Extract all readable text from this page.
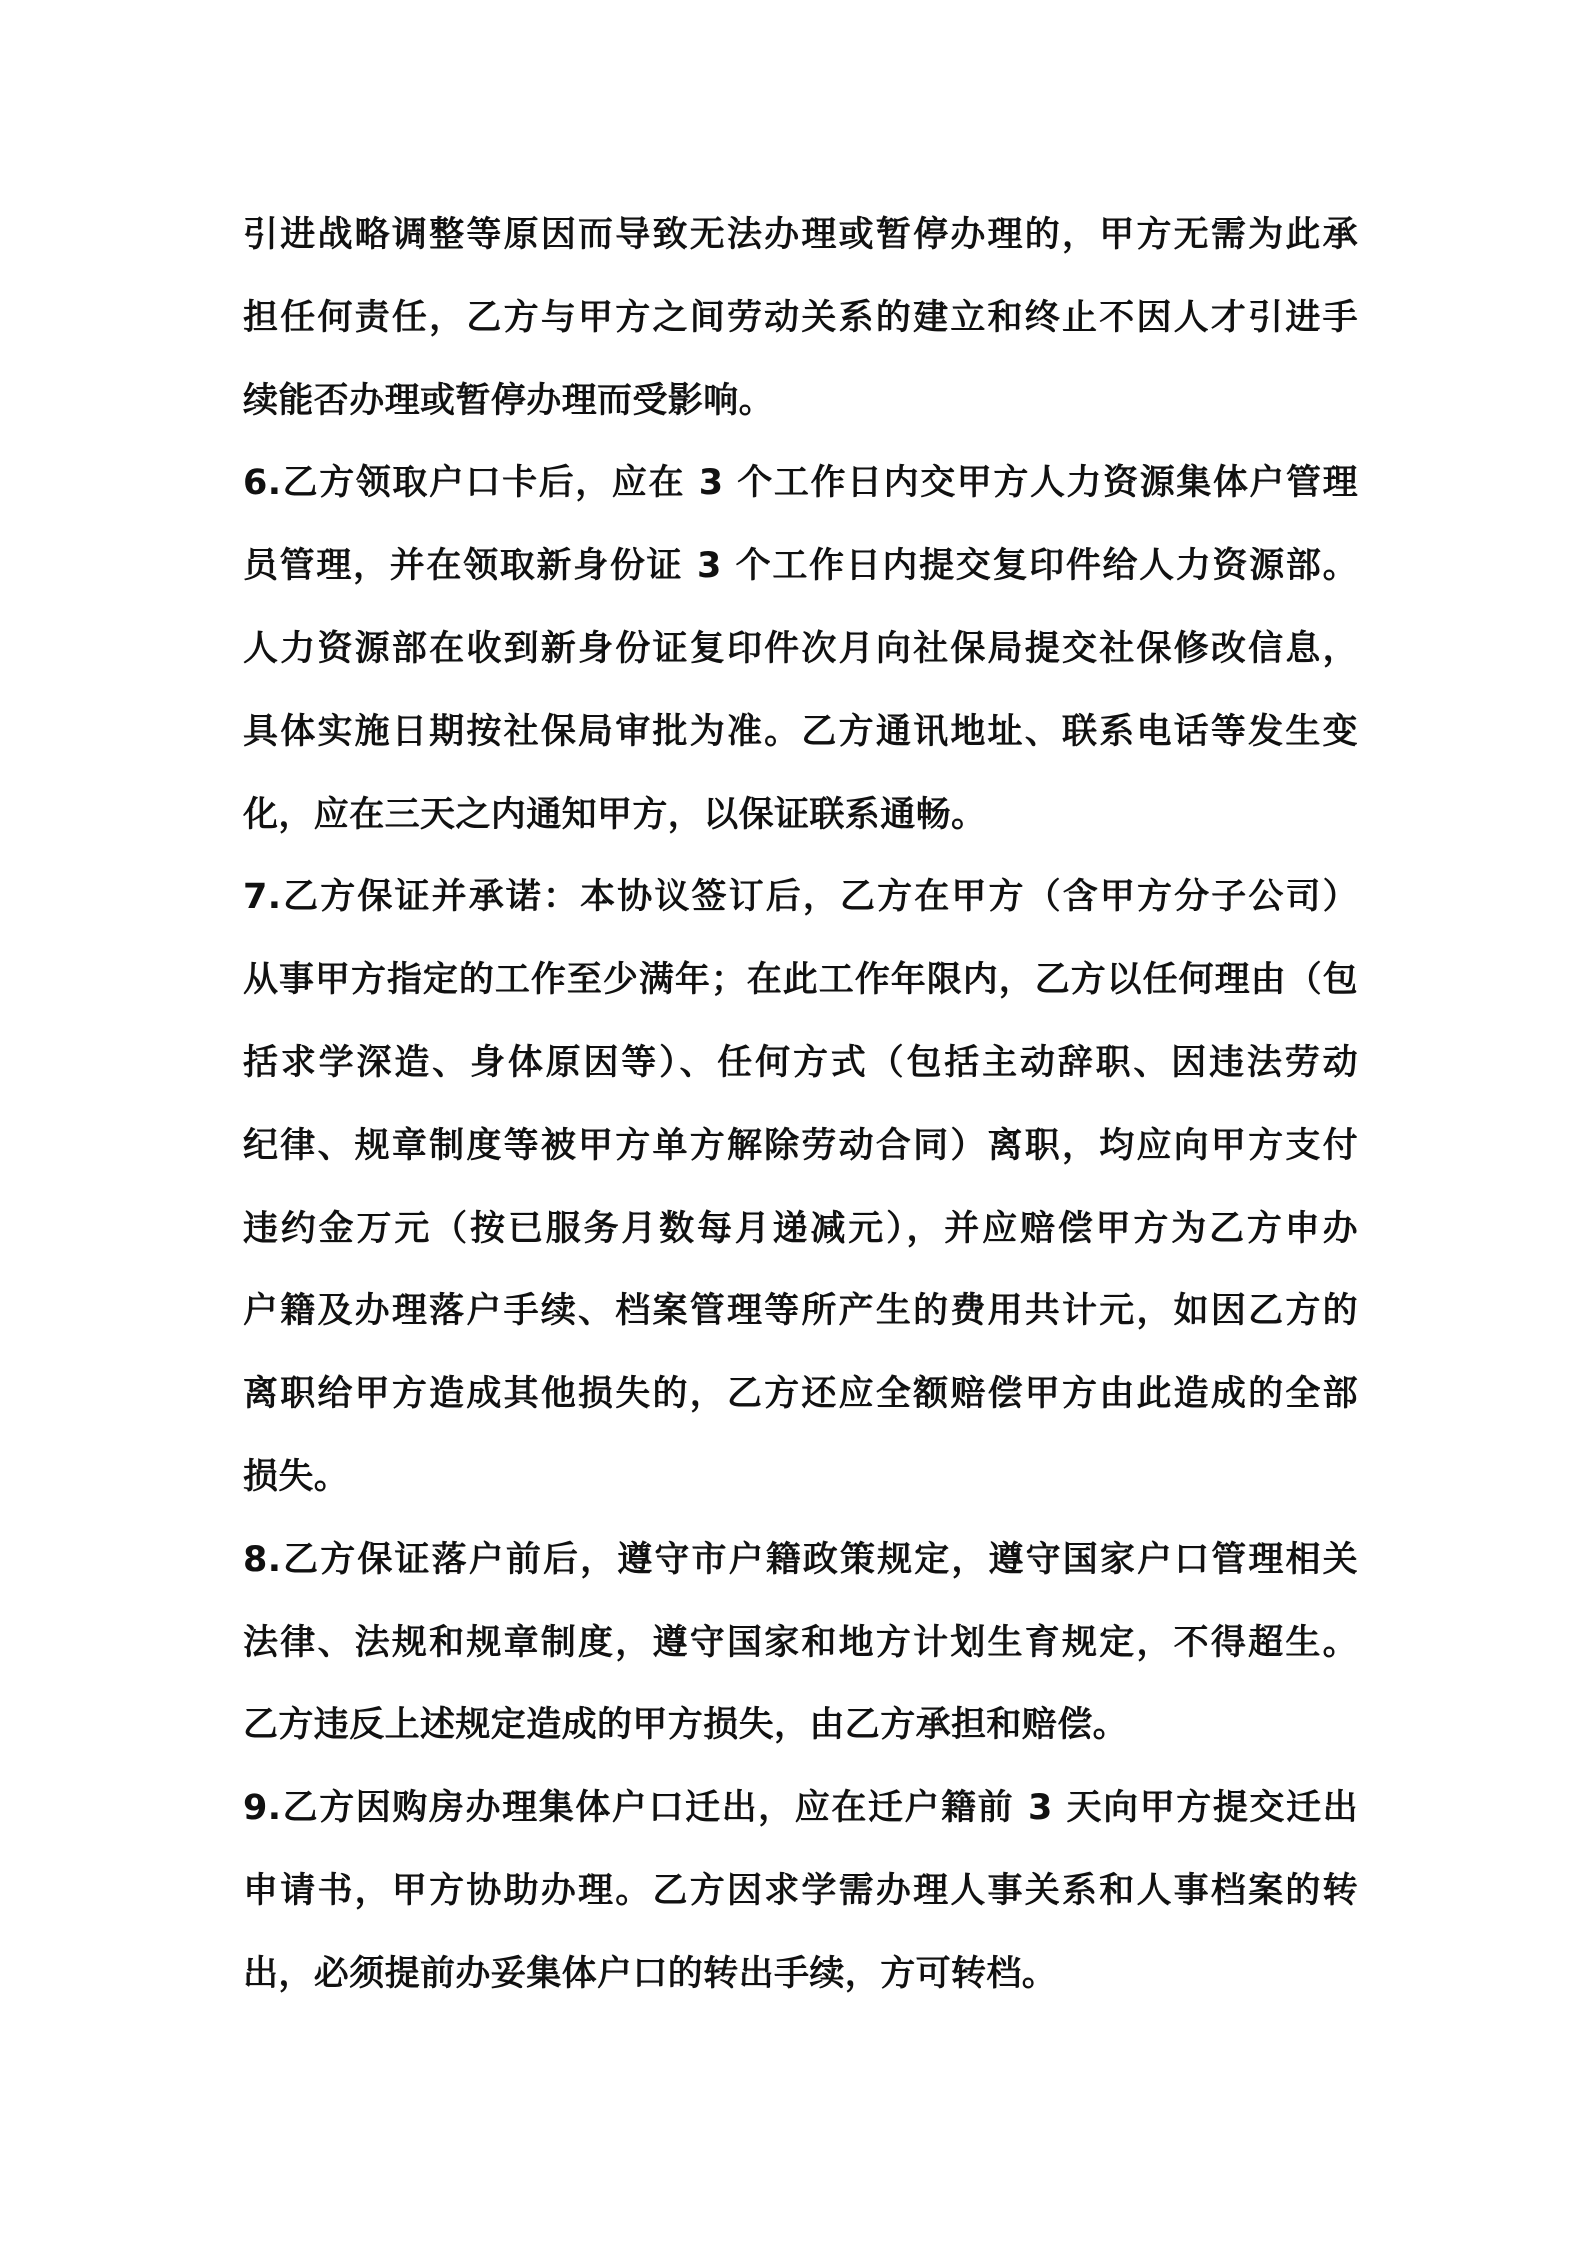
引进战略调整等原因而导致无法办理或暂停办理的，甲方无需为此承
担任何责任，乙方与甲方之间劳动关系的建立和终止不因人才引进手
续能否办理或暂停办理而受影响。
6.乙方领取户口卡后，应在 3 个工作日内交甲方人力资源集体户管理
员管理，并在领取新身份证 3 个工作日内提交复印件给人力资源部。
人力资源部在收到新身份证复印件次月向社保局提交社保修改信息，
具体实施日期按社保局审批为准。乙方通讯地址、联系电话等发生变
化，应在三天之内通知甲方，以保证联系通畅。
7.乙方保证并承诺：本协议签订后，乙方在甲方（含甲方分子公司）
从事甲方指定的工作至少满年；在此工作年限内，乙方以任何理由（包
括求学深造、身体原因等）、任何方式（包括主动辞职、因违法劳动
纪律、规章制度等被甲方单方解除劳动合同）离职，均应向甲方支付
违约金万元（按已服务月数每月递减元），并应赔偿甲方为乙方申办
户籍及办理落户手续、档案管理等所产生的费用共计元，如因乙方的
离职给甲方造成其他损失的，乙方还应全额赔偿甲方由此造成的全部
损失。
8.乙方保证落户前后，遵守市户籍政策规定，遵守国家户口管理相关
法律、法规和规章制度，遵守国家和地方计划生育规定，不得超生。
乙方违反上述规定造成的甲方损失，由乙方承担和赔偿。
9.乙方因购房办理集体户口迁出，应在迁户籍前 3 天向甲方提交迁出
申请书，甲方协助办理。乙方因求学需办理人事关系和人事档案的转
出，必须提前办妥集体户口的转出手续，方可转档。
